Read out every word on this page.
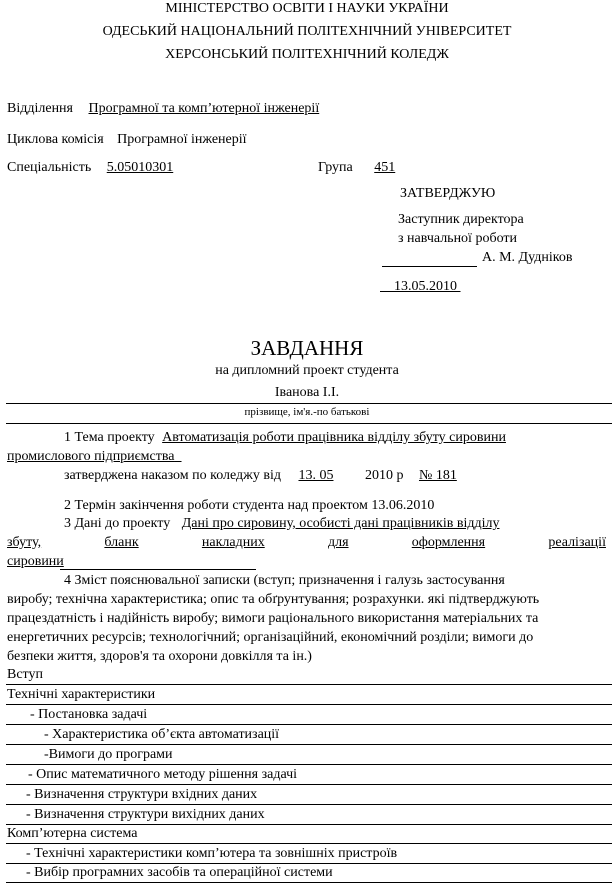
МІНІСТЕРСТВО ОСВІТИ І НАУКИ УКРАЇНИ
ОДЕСЬКИЙ НАЦІОНАЛЬНИЙ ПОЛІТЕХНІЧНИЙ УНІВЕРСИТЕТ
ХЕРСОНСЬКИЙ ПОЛІТЕХНІЧНИЙ КОЛЕДЖ
Відділення Програмної та комп’ютерної інженерії
Циклова комісія Програмної інженерії
Спеціальність 5.05010301	Група 451
ЗАТВЕРДЖУЮ
Заступник директора
з навчальної роботи
А. М. Дудніков
13.05.2010
ЗАВДАННЯ
на дипломний проект студента
Іванова І.І.
прізвище, ім'я.-по батькові
1 Тема проекту Автоматизація роботи працівника відділу збуту сировини
промислового підприємства
затверджена наказом по коледжу від 13. 05 2010 р № 181
2 Термін закінчення роботи студента над проектом 13.06.2010
3 Дані до проекту Дані про сировину, особисті дані працівників відділу
збуту,	бланк	накладних	для	оформлення	реалізації
сировини
4 Зміст пояснювальної записки (вступ; призначення і галузь застосування
виробу; технічна характеристика; опис та обґрунтування; розрахунки. які підтверджують
працездатність і надійність виробу; вимоги раціонального використання матеріальних та
енергетичних ресурсів; технологічний; організаційний, економічний розділи; вимоги до
безпеки життя, здоров'я та охорони довкілля та ін.)
Вступ
Технічні характеристики
- Постановка задачі
- Характеристика об’єкта автоматизації
-Вимоги до програми
- Опис математичного методу рішення задачі
- Визначення структури вхідних даних
- Визначення структури вихідних даних
Комп’ютерна система
- Технічні характеристики комп’ютера та зовнішніх пристроїв
- Вибір програмних засобів та операційної системи
